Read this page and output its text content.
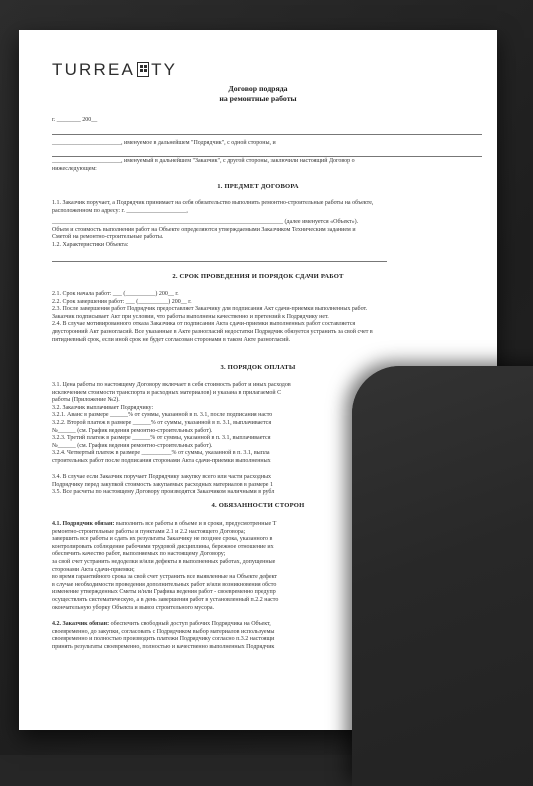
TURREA TY
Договор подряда
на ремонтные работы
г. ________ 200__
_______________________, именуемое в дальнейшем "Подрядчик", с одной стороны, и
_______________________, именуемый в дальнейшем "Заказчик", с другой стороны, заключили настоящий Договор о
нижеследующем:
1. ПРЕДМЕТ ДОГОВОРА
1.1. Заказчик поручает, а Подрядчик принимает на себя обязательство выполнить ремонтно-строительные работы на объекте,
расположенном по адресу: г. ____________________,
_____________________________________________________________________________ (далее именуется «Объект»).
Объем и стоимость выполнения работ на Объекте определяются утверждаемыми Заказчиком Техническим заданием и
Сметой на ремонтно-строительные работы.
1.2. Характеристики Объекта:
2. СРОК ПРОВЕДЕНИЯ И ПОРЯДОК СДАЧИ РАБОТ
2.1. Срок начала работ: ___ (__________) 200__ г.
2.2. Срок завершения работ: ___ (__________) 200__ г.
2.3. После завершения работ Подрядчик предоставляет Заказчику для подписания Акт сдачи-приемки выполненных работ.
Заказчик подписывает Акт при условии, что работы выполнены качественно и претензий к Подрядчику нет.
2.4. В случае мотивированного отказа Заказчика от подписания Акта сдачи-приемки выполненных работ составляется
двусторонний Акт разногласий. Все указанные в Акте разногласий недостатки Подрядчик обязуется устранить за свой счет в
пятидневный срок, если иной срок не будет согласован сторонами в таком Акте разногласий.
3. ПОРЯДОК ОПЛАТЫ
3.1. Цена работы по настоящему Договору включает в себя стоимость работ и иных расходов
исключением стоимости транспорта и расходных материалов) и указана в прилагаемой С
работы (Приложение №2).
3.2. Заказчик выплачивает Подрядчику:
3.2.1. Аванс в размере ______% от суммы, указанной в п. 3.1, после подписания насто
3.2.2. Второй платеж в размере ______% от суммы, указанной в п. 3.1, выплачивается
№______ (см. График ведения ремонтно-строительных работ).
3.2.3. Третий платеж в размере ______% от суммы, указанной в п. 3.1, выплачивается
№______ (см. График ведения ремонтно-строительных работ).
3.2.4. Четвертый платеж в размере __________% от суммы, указанной в п. 3.1, выпла
строительных работ после подписания сторонами Акта сдачи-приемки выполненных
3.4. В случае если Заказчик поручает Подрядчику закупку всего или части расходных
Подрядчику перед закупкой стоимость закупаемых расходных материалов в размере 1
3.5. Все расчеты по настоящему Договору производятся Заказчиком наличными в рубл
4. ОБЯЗАННОСТИ СТОРОН
4.1. Подрядчик обязан: выполнить все работы в объеме и в сроки, предусмотренные Т
ремонтно-строительные работы и пунктами 2.1 и 2.2 настоящего Договора;
завершить все работы и сдать их результаты Заказчику не позднее срока, указанного в
контролировать соблюдение рабочими трудовой дисциплины, бережное отношение их
обеспечить качество работ, выполняемых по настоящему Договору;
за свой счет устранить недоделки и/или дефекты в выполненных работах, допущенные
сторонами Акта сдачи-приемки;
во время гарантийного срока за свой счет устранить все выявленные на Объекте дефект
в случае необходимости проведения дополнительных работ и/или возникновения обсто
изменение утвержденных Сметы и/или Графика ведения работ - своевременно предупр
осуществлять систематическую, а в день завершения работ в установленный п.2.2 насто
окончательную уборку Объекта и вывоз строительного мусора.
4.2. Заказчик обязан: обеспечить свободный доступ рабочих Подрядчика на Объект,
своевременно, до закупки, согласовать с Подрядчиком выбор материалов используемы
своевременно и полностью производить платежи Подрядчику согласно п.3.2 настоящи
принять результаты своевременно, полностью и качественно выполненных Подрядчик
